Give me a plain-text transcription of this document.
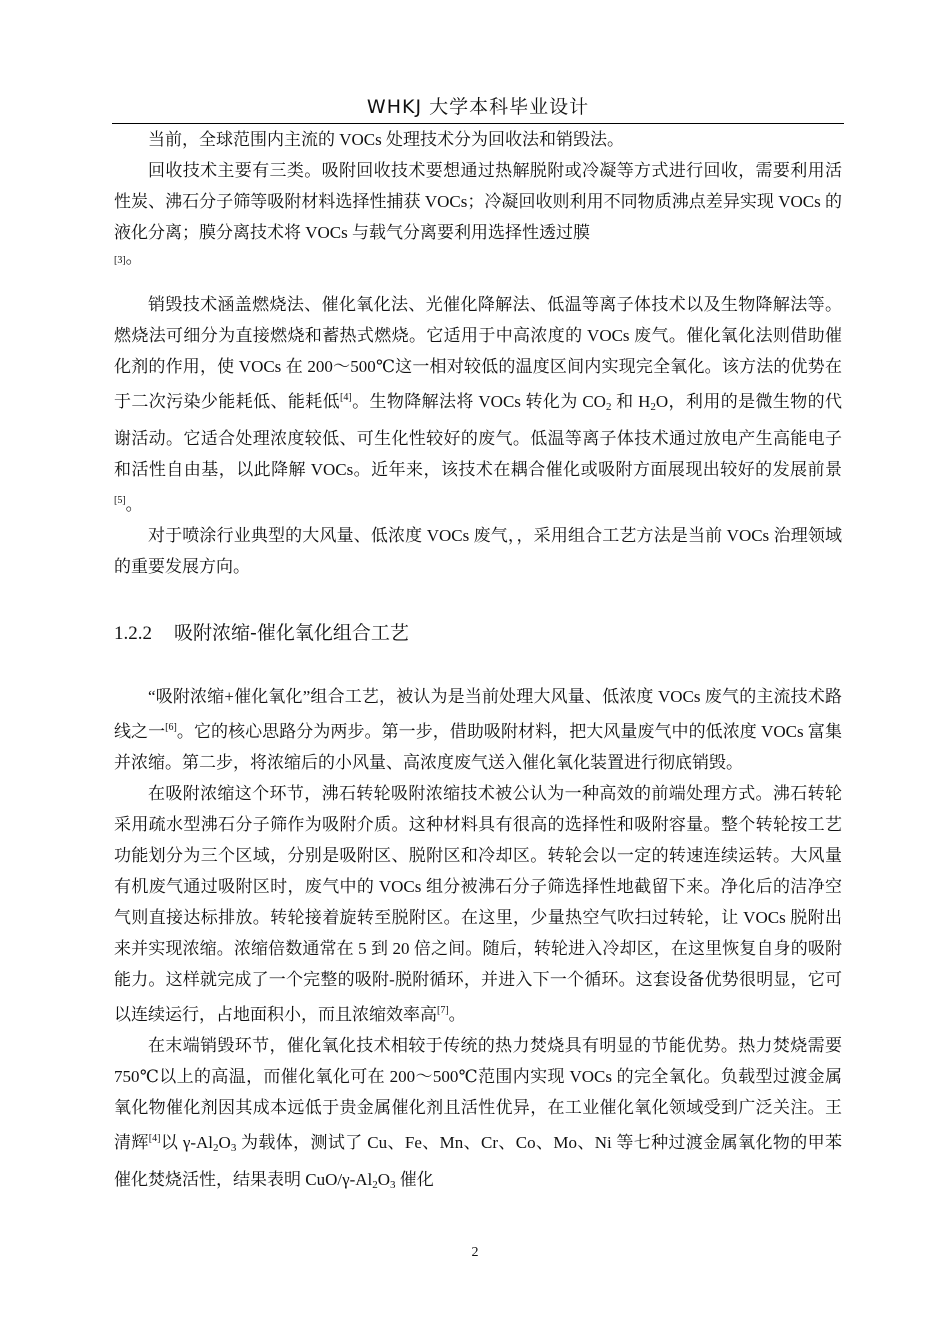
WHKJ 大学本科毕业设计

当前，全球范围内主流的 VOCs 处理技术分为回收法和销毁法。

回收技术主要有三类。吸附回收技术要想通过热解脱附或冷凝等方式进行回收，需要利用活性炭、沸石分子筛等吸附材料选择性捕获 VOCs；冷凝回收则利用不同物质沸点差异实现 VOCs 的液化分离；膜分离技术将 VOCs 与载气分离要利用选择性透过膜

[3]。

销毁技术涵盖燃烧法、催化氧化法、光催化降解法、低温等离子体技术以及生物降解法等。燃烧法可细分为直接燃烧和蓄热式燃烧。它适用于中高浓度的 VOCs 废气。催化氧化法则借助催化剂的作用，使 VOCs 在 200～500℃这一相对较低的温度区间内实现完全氧化。该方法的优势在于二次污染少能耗低、能耗低[4]。生物降解法将 VOCs 转化为 $CO_2$ 和 $H_2O$，利用的是微生物的代谢活动。它适合处理浓度较低、可生化性较好的废气。低温等离子体技术通过放电产生高能电子和活性自由基，以此降解 VOCs。近年来，该技术在耦合催化或吸附方面展现出较好的发展前景[5]。

对于喷涂行业典型的大风量、低浓度 VOCs 废气，，采用组合工艺方法是当前 VOCs 治理领域的重要发展方向。

1.2.2 吸附浓缩-催化氧化组合工艺

“吸附浓缩+催化氧化”组合工艺，被认为是当前处理大风量、低浓度 VOCs 废气的主流技术路线之一[6]。它的核心思路分为两步。第一步，借助吸附材料，把大风量废气中的低浓度 VOCs 富集并浓缩。第二步，将浓缩后的小风量、高浓度废气送入催化氧化装置进行彻底销毁。

在吸附浓缩这个环节，沸石转轮吸附浓缩技术被公认为一种高效的前端处理方式。沸石转轮采用疏水型沸石分子筛作为吸附介质。这种材料具有很高的选择性和吸附容量。整个转轮按工艺功能划分为三个区域，分别是吸附区、脱附区和冷却区。转轮会以一定的转速连续运转。大风量有机废气通过吸附区时，废气中的 VOCs 组分被沸石分子筛选择性地截留下来。净化后的洁净空气则直接达标排放。转轮接着旋转至脱附区。在这里，少量热空气吹扫过转轮，让 VOCs 脱附出来并实现浓缩。浓缩倍数通常在 5 到 20 倍之间。随后，转轮进入冷却区，在这里恢复自身的吸附能力。这样就完成了一个完整的吸附-脱附循环，并进入下一个循环。这套设备优势很明显，它可以连续运行，占地面积小，而且浓缩效率高[7]。

在末端销毁环节，催化氧化技术相较于传统的热力焚烧具有明显的节能优势。热力焚烧需要 750℃以上的高温，而催化氧化可在 200～500℃范围内实现 VOCs 的完全氧化。负载型过渡金属氧化物催化剂因其成本远低于贵金属催化剂且活性优异，在工业催化氧化领域受到广泛关注。王清辉[4]以 $\gamma-Al_2O_3$ 为载体，测试了 Cu、Fe、Mn、Cr、Co、Mo、Ni 等七种过渡金属氧化物的甲苯催化焚烧活性，结果表明 CuO/$\gamma-Al_2O_3$ 催化

2
